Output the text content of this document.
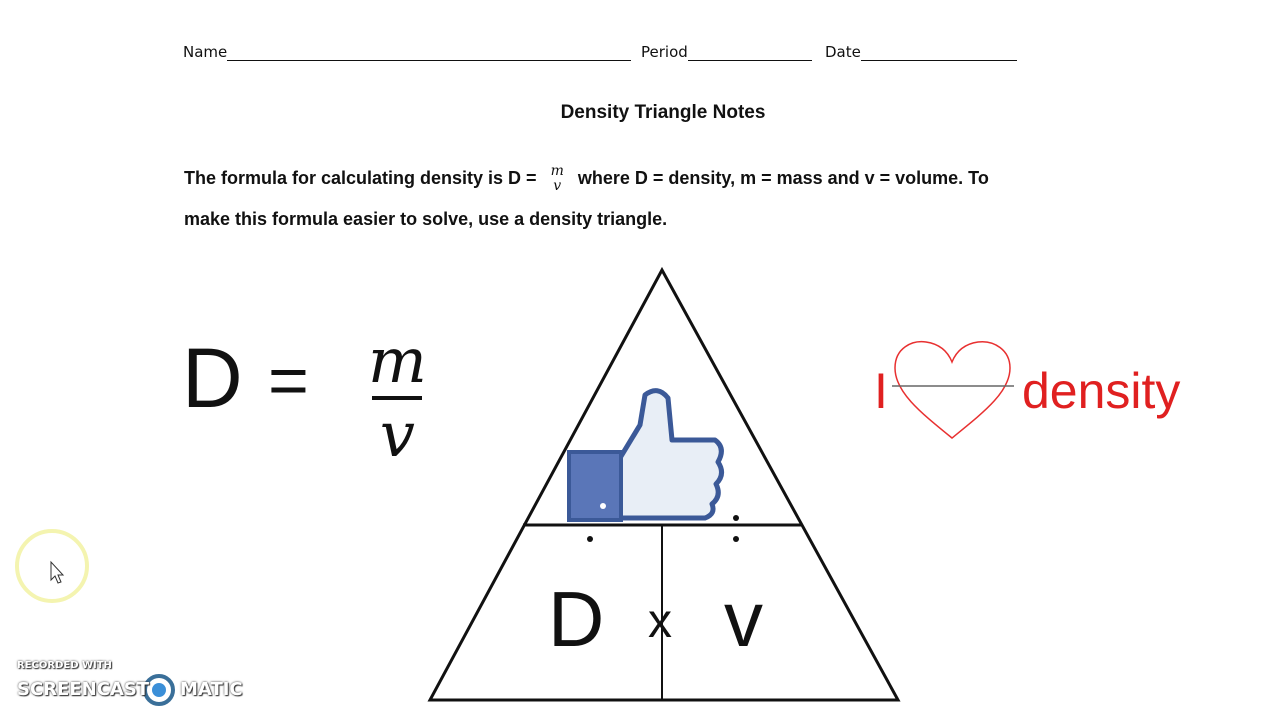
Name	Period	Date
Density Triangle Notes
The formula for calculating density is D = m
v where D = density, m = mass and v = volume. To
make this formula easier to solve, use a density triangle.
D = m
v
D x v
I	density
RECORDED WITH
SCREENCAST MATIC
